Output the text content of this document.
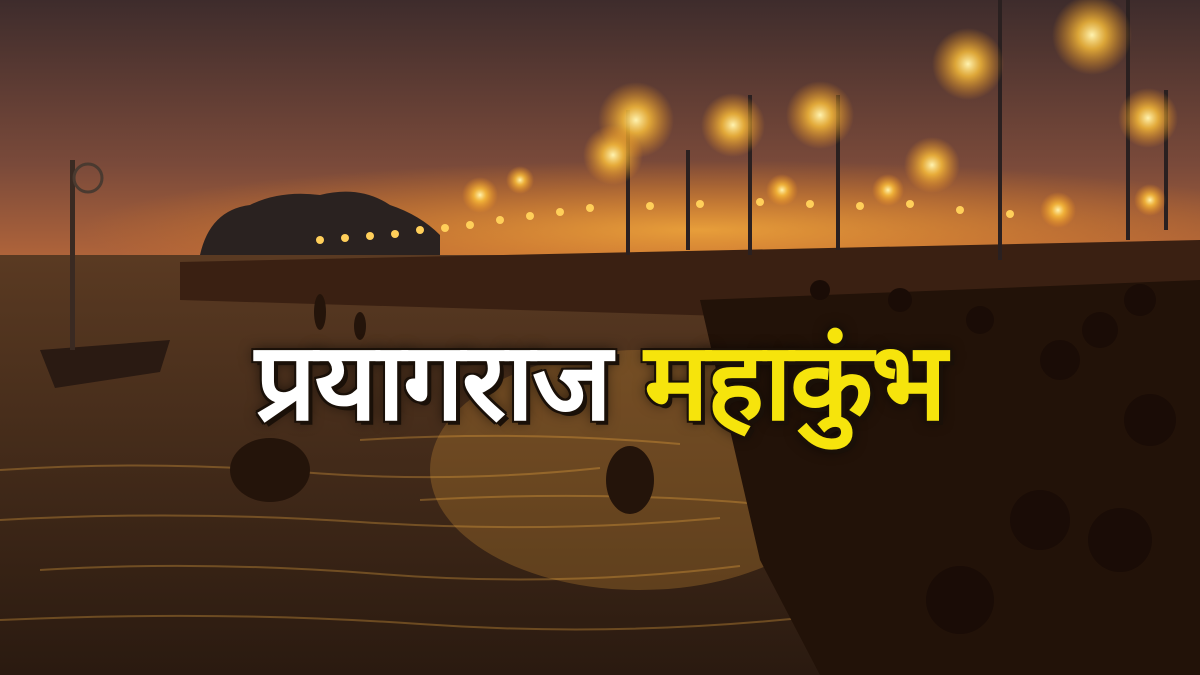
प्रयागराज महाकुंभ
